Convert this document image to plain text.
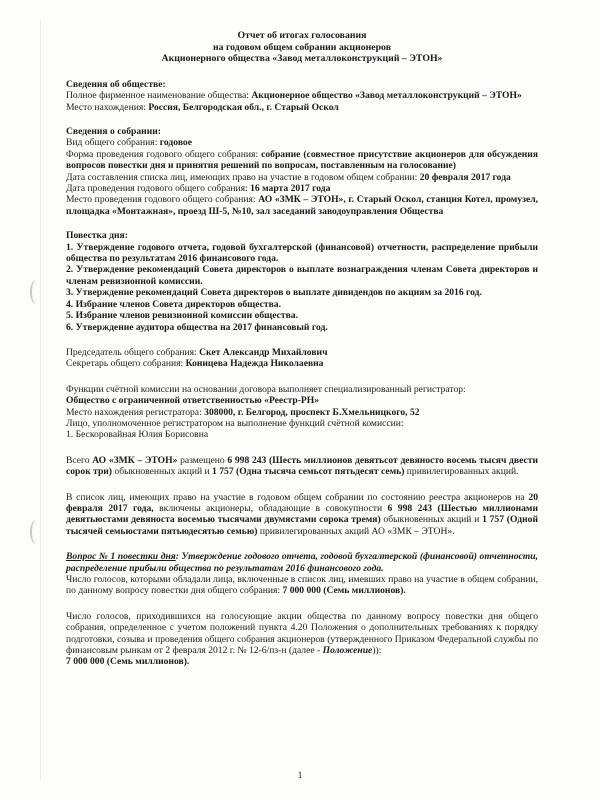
Отчет об итогах голосования
на годовом общем собрании акционеров
Акционерного общества «Завод металлоконструкций – ЭТОН»

Сведения об обществе:

Полное фирменное наименование общества: Акционерное общество «Завод металлоконструкций – ЭТОН»

Место нахождения: Россия, Белгородская обл., г. Старый Оскол

Сведения о собрании:

Вид общего собрания: годовое

Форма проведения годового общего собрания: собрание (совместное присутствие акционеров для обсуждения вопросов повестки дня и принятия решений по вопросам, поставленным на голосование)

Дата составления списка лиц, имеющих право на участие в годовом общем собрании: 20 февраля 2017 года

Дата проведения годового общего собрания: 16 марта 2017 года

Место проведения годового общего собрания: АО «ЗМК – ЭТОН», г. Старый Оскол, станция Котел, промузел, площадка «Монтажная», проезд Ш-5, №10, зал заседаний заводоуправления Общества

Повестка дня:

1. Утверждение годового отчета, годовой бухгалтерской (финансовой) отчетности, распределение прибыли общества по результатам 2016 финансового года.

2. Утверждение рекомендаций Совета директоров о выплате вознаграждения членам Совета директоров и членам ревизионной комиссии.

3. Утверждение рекомендаций Совета директоров о выплате дивидендов по акциям за 2016 год.

4. Избрание членов Совета директоров общества.

5. Избрание членов ревизионной комиссии общества.

6. Утверждение аудитора общества на 2017 финансовый год.

Председатель общего собрания: Скет Александр Михайлович

Секретарь общего собрания: Коницева Надежда Николаевна

Функции счётной комиссии на основании договора выполняет специализированный регистратор:

Общество с ограниченной ответственностью «Реестр-РН»

Место нахождения регистратора: 308000, г. Белгород, проспект Б.Хмельницкого, 52

Лицо, уполномоченное регистратором на выполнение функций счётной комиссии:

1. Бескоровайная Юлия Борисовна

Всего АО «ЗМК – ЭТОН» размещено 6 998 243 (Шесть миллионов девятьсот девяносто восемь тысяч двести сорок три) обыкновенных акций и 1 757 (Одна тысяча семьсот пятьдесят семь) привилегированных акций.

В список лиц, имеющих право на участие в годовом общем собрании по состоянию реестра акционеров на 20 февраля 2017 года, включены акционеры, обладающие в совокупности 6 998 243 (Шестью миллионами девятьюстами девяноста восемью тысячами двумястами сорока тремя) обыкновенных акций и 1 757 (Одной тысячей семьюстами пятьюдесятью семью) привилегированных акций АО «ЗМК – ЭТОН».

Вопрос № 1 повестки дня: Утверждение годового отчета, годовой бухгалтерской (финансовой) отчетности, распределение прибыли общества по результатам 2016 финансового года.

Число голосов, которыми обладали лица, включенные в список лиц, имевших право на участие в общем собрании, по данному вопросу повестки дня общего собрания: 7 000 000 (Семь миллионов).

Число голосов, приходившихся на голосующие акции общества по данному вопросу повестки дня общего собрания, определенное с учетом положений пункта 4.20 Положения о дополнительных требованиях к порядку подготовки, созыва и проведения общего собрания акционеров (утвержденного Приказом Федеральной службы по финансовым рынкам от 2 февраля 2012 г. № 12-6/пз-н (далее - Положение)):
7 000 000 (Семь миллионов).

1
